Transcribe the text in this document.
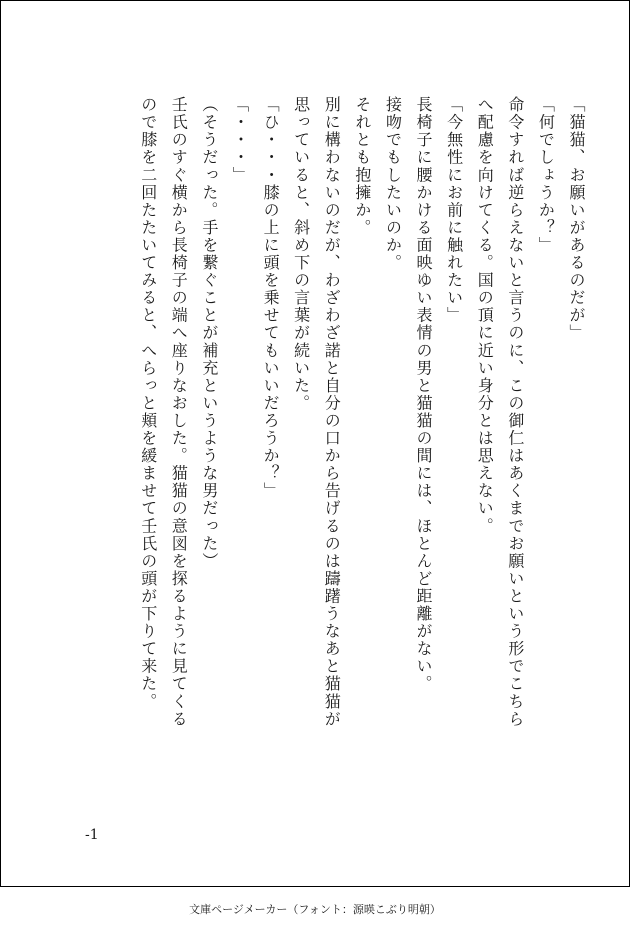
「猫猫、お願いがあるのだが」
「何でしょうか？」
命令すれば逆らえないと言うのに、この御仁はあくまでお願いという形でこちら
へ配慮を向けてくる。国の頂に近い身分とは思えない。
「今無性にお前に触れたい」
長椅子に腰かける面映ゆい表情の男と猫猫の間には、ほとんど距離がない。
接吻でもしたいのか。
それとも抱擁か。
別に構わないのだが、わざわざ諾と自分の口から告げるのは躊躇うなあと猫猫が
思っていると、斜め下の言葉が続いた。
「ひ・・・膝の上に頭を乗せてもいいだろうか？」
「・・・」
（そうだった。手を繋ぐことが補充というような男だった）
壬氏のすぐ横から長椅子の端へ座りなおした。猫猫の意図を探るように見てくる
ので膝を二回たたいてみると、へらっと頬を緩ませて壬氏の頭が下りて来た。
-1
文庫ページメーカー（フォント：源暎こぶり明朝）
